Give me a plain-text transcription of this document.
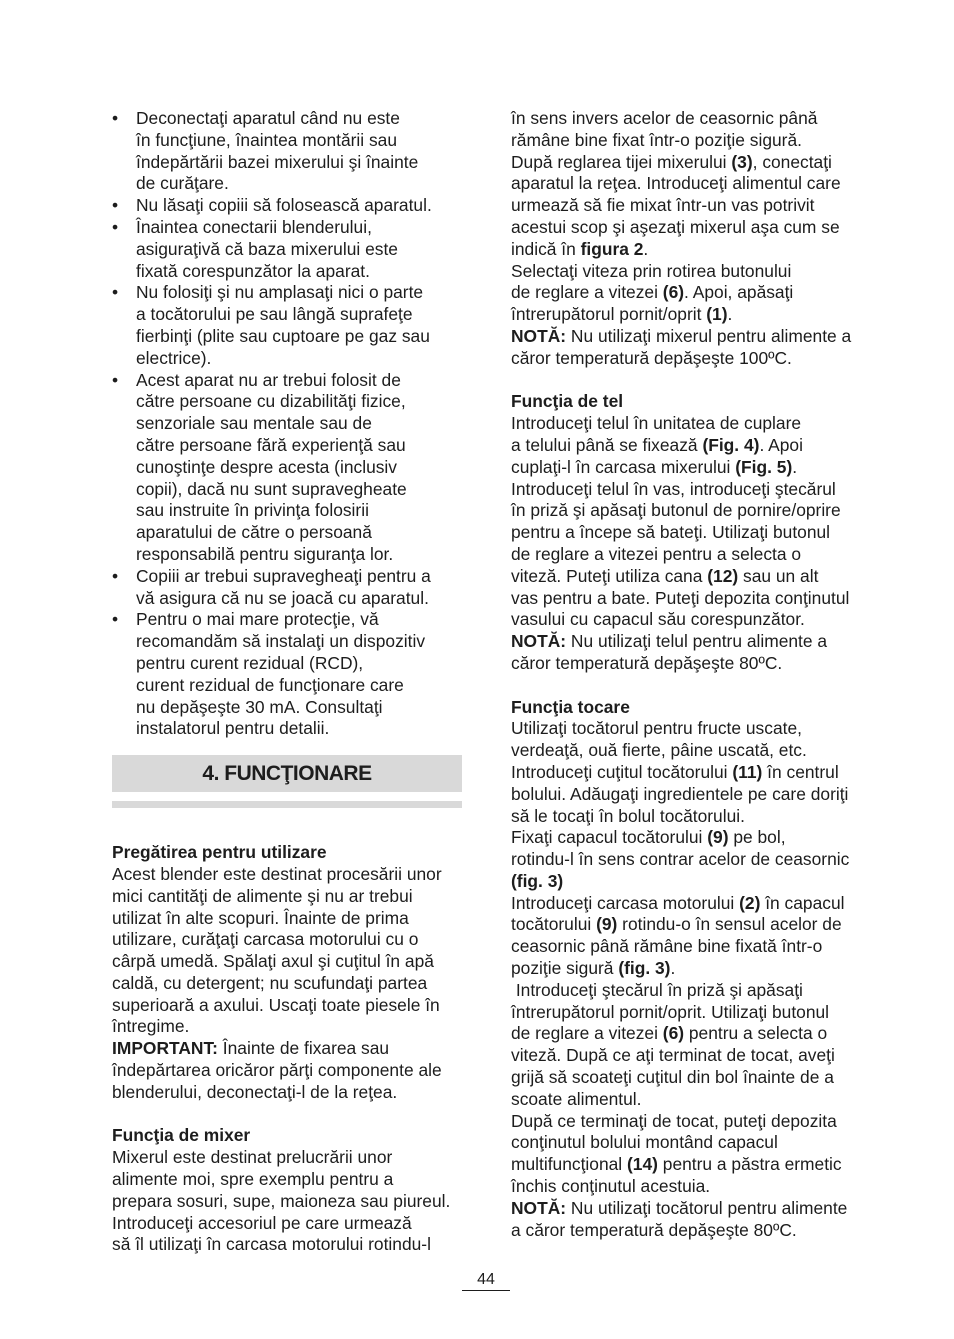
• Deconectaţi aparatul când nu este
în funcţiune, înaintea montării sau
îndepărtării bazei mixerului şi înainte
de curăţare.
• Nu lăsaţi copiii să folosească aparatul.
• Înaintea conectarii blenderului,
asiguraţivă că baza mixerului este
fixată corespunzător la aparat.
• Nu folosiţi şi nu amplasaţi nici o parte
a tocătorului pe sau lângă suprafeţe
fierbinţi (plite sau cuptoare pe gaz sau
electrice).
• Acest aparat nu ar trebui folosit de
către persoane cu dizabilităţi fizice,
senzoriale sau mentale sau de
către persoane fără experienţă sau
cunoştinţe despre acesta (inclusiv
copii), dacă nu sunt supravegheate
sau instruite în privinţa folosirii
aparatului de către o persoană
responsabilă pentru siguranţa lor.
• Copiii ar trebui supravegheaţi pentru a
vă asigura că nu se joacă cu aparatul.
• Pentru o mai mare protecţie, vă
recomandăm să instalaţi un dispozitiv
pentru curent rezidual (RCD),
curent rezidual de funcţionare care
nu depăşeşte 30 mA. Consultaţi
instalatorul pentru detalii.
4. FUNCŢIONARE
Pregătirea pentru utilizare
Acest blender este destinat procesării unor
mici cantităţi de alimente şi nu ar trebui
utilizat în alte scopuri. Înainte de prima
utilizare, curăţaţi carcasa motorului cu o
cârpă umedă. Spălaţi axul şi cuţitul în apă
caldă, cu detergent; nu scufundaţi partea
superioară a axului. Uscaţi toate piesele în
întregime.
IMPORTANT: Înainte de fixarea sau
îndepărtarea oricăror părţi componente ale
blenderului, deconectaţi-l de la reţea.
Funcţia de mixer
Mixerul este destinat prelucrării unor
alimente moi, spre exemplu pentru a
prepara sosuri, supe, maioneza sau piureul.
Introduceţi accesoriul pe care urmează
să îl utilizaţi în carcasa motorului rotindu-l
în sens invers acelor de ceasornic până
rămâne bine fixat într-o poziţie sigură.
După reglarea tijei mixerului (3), conectaţi
aparatul la reţea. Introduceţi alimentul care
urmează să fie mixat într-un vas potrivit
acestui scop şi aşezaţi mixerul aşa cum se
indică în figura 2.
Selectaţi viteza prin rotirea butonului
de reglare a vitezei (6). Apoi, apăsaţi
întrerupătorul pornit/oprit (1).
NOTĂ: Nu utilizaţi mixerul pentru alimente a
căror temperatură depăşeşte 100ºC.
Funcţia de tel
Introduceţi telul în unitatea de cuplare
a telului până se fixează (Fig. 4). Apoi
cuplaţi-l în carcasa mixerului (Fig. 5).
Introduceţi telul în vas, introduceţi ştecărul
în priză şi apăsaţi butonul de pornire/oprire
pentru a începe să bateţi. Utilizaţi butonul
de reglare a vitezei pentru a selecta o
viteză. Puteţi utiliza cana (12) sau un alt
vas pentru a bate. Puteţi depozita conţinutul
vasului cu capacul său corespunzător.
NOTĂ: Nu utilizaţi telul pentru alimente a
căror temperatură depăşeşte 80ºC.
Funcţia tocare
Utilizaţi tocătorul pentru fructe uscate,
verdeaţă, ouă fierte, pâine uscată, etc.
Introduceţi cuţitul tocătorului (11) în centrul
bolului. Adăugaţi ingredientele pe care doriţi
să le tocaţi în bolul tocătorului.
Fixaţi capacul tocătorului (9) pe bol,
rotindu-l în sens contrar acelor de ceasornic
(fig. 3)
Introduceţi carcasa motorului (2) în capacul
tocătorului (9) rotindu-o în sensul acelor de
ceasornic până rămâne bine fixată într-o
poziţie sigură (fig. 3).
Introduceţi ştecărul în priză şi apăsaţi
întrerupătorul pornit/oprit. Utilizaţi butonul
de reglare a vitezei (6) pentru a selecta o
viteză. După ce aţi terminat de tocat, aveţi
grijă să scoateţi cuţitul din bol înainte de a
scoate alimentul.
După ce terminaţi de tocat, puteţi depozita
conţinutul bolului montând capacul
multifuncţional (14) pentru a păstra ermetic
închis conţinutul acestuia.
NOTĂ: Nu utilizaţi tocătorul pentru alimente
a căror temperatură depăşeşte 80ºC.
44
